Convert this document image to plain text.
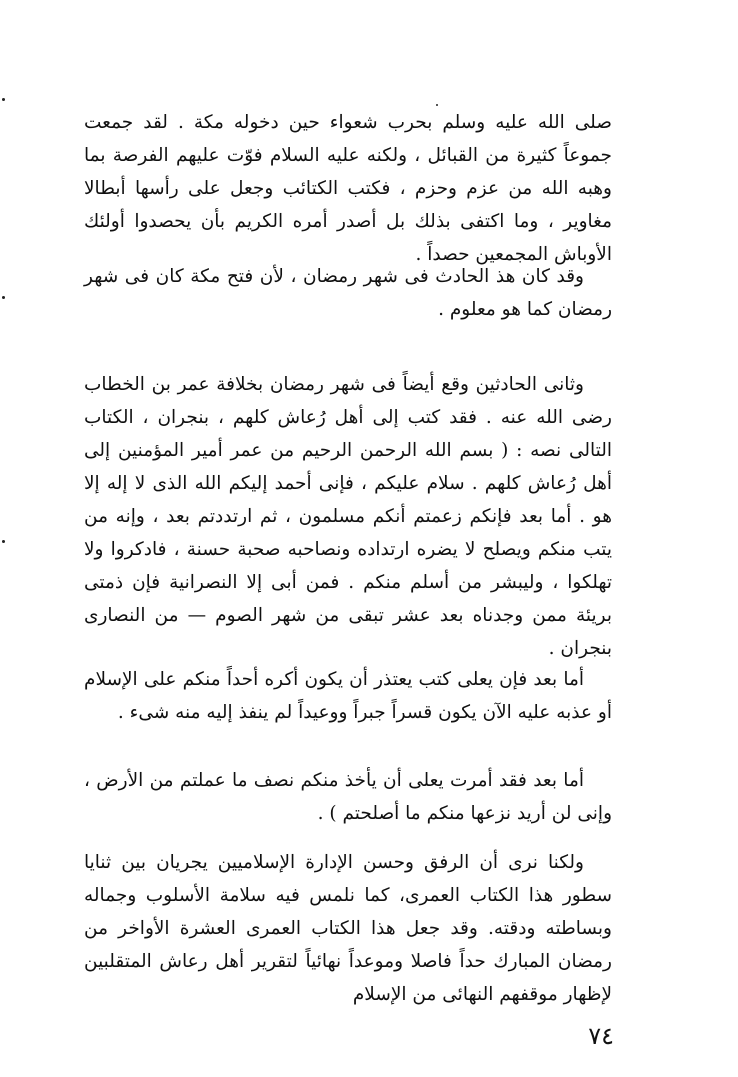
صلى الله عليه وسلم بحرب شعواء حين دخوله مكة . لقد جمعت جموعاً كثيرة من القبائل ، ولكنه عليه السلام فوّت عليهم الفرصة بما وهبه الله من عزم وحزم ، فكتب الكتائب وجعل على رأسها أبطالا مغاوير ، وما اكتفى بذلك بل أصدر أمره الكريم بأن يحصدوا أولئك الأوباش المجمعين حصداً .

وقد كان هذ الحادث فى شهر رمضان ، لأن فتح مكة كان فى شهر رمضان كما هو معلوم .

وثانى الحادثين وقع أيضاً فى شهر رمضان بخلافة عمر بن الخطاب رضى الله عنه . فقد كتب إلى أهل رُعاش كلهم ، بنجران ، الكتاب التالى نصه : ( بسم الله الرحمن الرحيم من عمر أمير المؤمنين إلى أهل رُعاش كلهم . سلام عليكم ، فإنى أحمد إليكم الله الذى لا إله إلا هو . أما بعد فإنكم زعمتم أنكم مسلمون ، ثم ارتددتم بعد ، وإنه من يتب منكم ويصلح لا يضره ارتداده ونصاحبه صحبة حسنة ، فادكروا ولا تهلكوا ، وليبشر من أسلم منكم . فمن أبى إلا النصرانية فإن ذمتى بريئة ممن وجدناه بعد عشر تبقى من شهر الصوم — من النصارى بنجران .

أما بعد فإن يعلى كتب يعتذر أن يكون أكره أحداً منكم على الإسلام أو عذبه عليه الآن يكون قسراً جبراً ووعيداً لم ينفذ إليه منه شىء .

أما بعد فقد أمرت يعلى أن يأخذ منكم نصف ما عملتم من الأرض ، وإنى لن أريد نزعها منكم ما أصلحتم ) .

ولكنا نرى أن الرفق وحسن الإدارة الإسلاميين يجريان بين ثنايا سطور هذا الكتاب العمرى، كما نلمس فيه سلامة الأسلوب وجماله وبساطته ودقته. وقد جعل هذا الكتاب العمرى العشرة الأواخر من رمضان المبارك حداً فاصلا وموعداً نهائياً لتقرير أهل رعاش المتقلبين لإظهار موقفهم النهائى من الإسلام

٧٤
